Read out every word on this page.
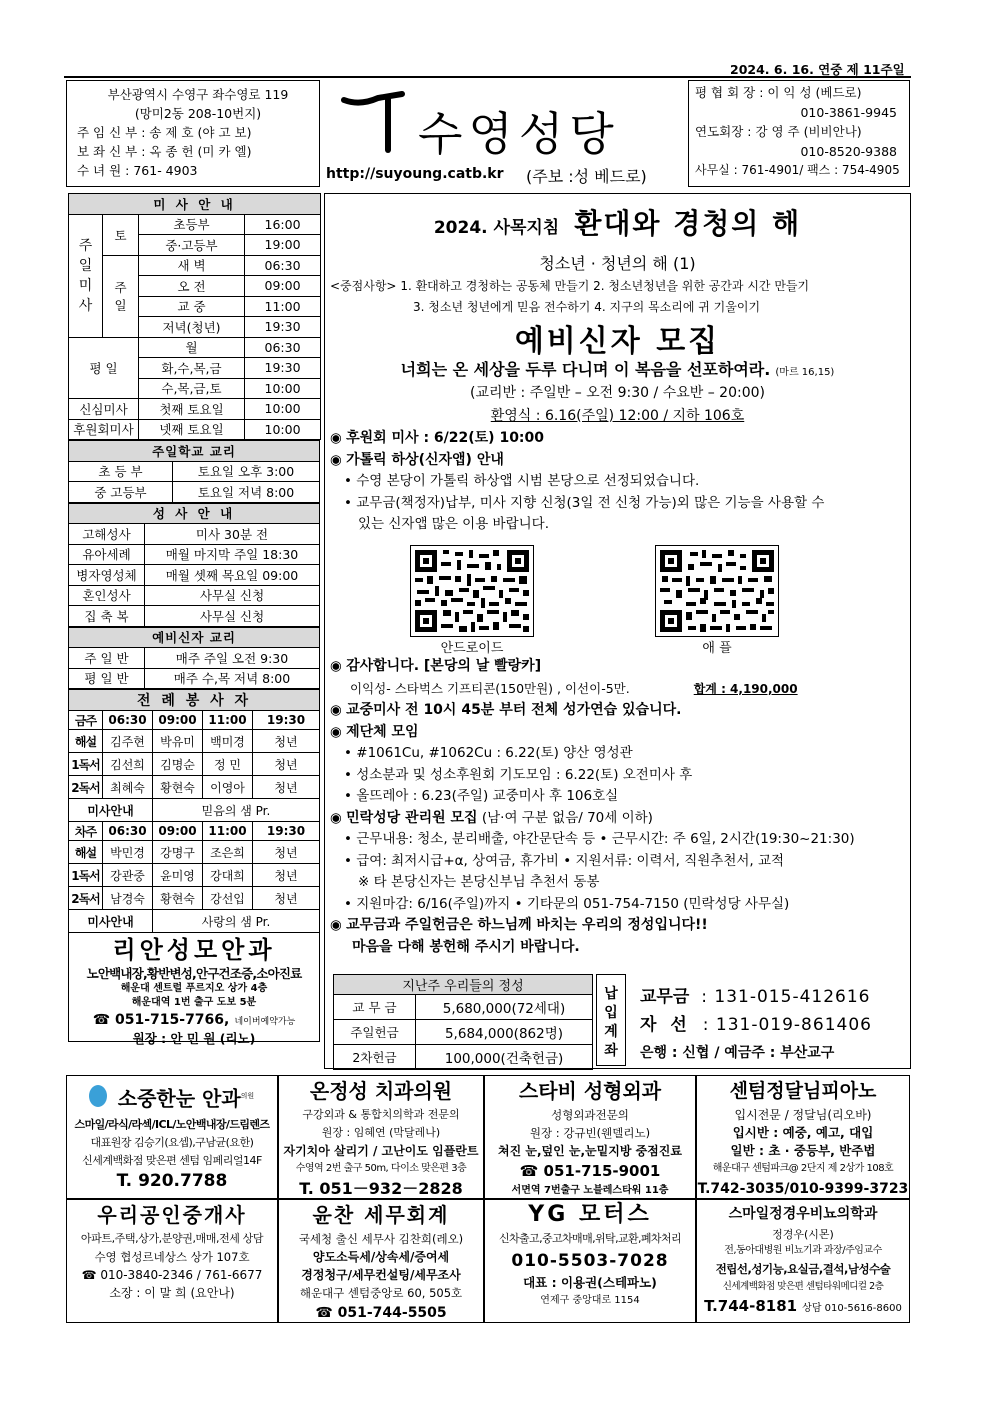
2024. 6. 16. 연중 제 11주일
부산광역시 수영구 좌수영로 119
(망미2동 208-10번지)
주 임 신 부 : 송 제 호 (야 고 보)
보 좌 신 부 : 옥 종 헌 (미 카 엘)
수 녀 원 : 761- 4903
수영성당
http://suyoung.catb.kr (주보 :성 베드로)
평 협 회 장 : 이 익 성 (베드로)
010-3861-9945
연도회장 : 강 영 주 (비비안나)
010-8520-9388
사무실 : 761-4901/ 팩스 : 754-4905
미 사 안 내			
주일미사	토	초등부	16:00
		중·고등부	19:00
	주일	새 벽	06:30
		오 전	09:00
		교 중	11:00
		저녁(청년)	19:30
평 일		월	06:30
		화,수,목,금	19:30
		수,목,금,토	10:00
신심미사		첫째 토요일	10:00
후원회미사		넷째 토요일	10:00
주일학교 교리	
초 등 부	토요일 오후 3:00
중 고등부	토요일 저녁 8:00
성 사 안 내	
고해성사	미사 30분 전
유아세례	매월 마지막 주일 18:30
병자영성체	매월 셋째 목요일 09:00
혼인성사	사무실 신청
집 축 복	사무실 신청
예비신자 교리	
주 일 반	매주 주일 오전 9:30
평 일 반	매주 수,목 저녁 8:00
전 례 봉 사 자				
금주	06:30	09:00	11:00	19:30
해설	김주현	박유미	백미경	청년
1독서	김선희	김명순	정 민	청년
2독서	최혜숙	황현숙	이영아	청년
미사안내		믿음의 샘 Pr.		
차주	06:30	09:00	11:00	19:30
해설	박민경	강명구	조은희	청년
1독서	강관중	윤미영	강대희	청년
2독서	남경숙	황현숙	강선입	청년
미사안내		사랑의 샘 Pr.		
리안성모안과
노안백내장,황반변성,안구건조증,소아진료
해운대 센트럴 푸르지오 상가 4층
해운대역 1번 출구 도보 5분
☎ 051-715-7766, 네이버예약가능
원장 : 안 민 원 (리노)
2024. 사목지침 환대와 경청의 해
청소년 · 청년의 해 (1)
<중점사항> 1. 환대하고 경청하는 공동체 만들기 2. 청소년청년을 위한 공간과 시간 만들기
3. 청소년 청년에게 믿음 전수하기 4. 지구의 목소리에 귀 기울이기
예비신자 모집
너희는 온 세상을 두루 다니며 이 복음을 선포하여라. (마르 16,15)
(교리반 : 주일반 – 오전 9:30 / 수요반 – 20:00)
환영식 : 6.16(주일) 12:00 / 지하 106호
◉ 후원회 미사 : 6/22(토) 10:00
◉ 가톨릭 하상(신자앱) 안내
• 수영 본당이 가톨릭 하상앱 시범 본당으로 선정되었습니다.
• 교무금(책정자)납부, 미사 지향 신청(3일 전 신청 가능)외 많은 기능을 사용할 수
있는 신자앱 많은 이용 바랍니다.
안드로이드	애 플
◉ 감사합니다. [본당의 날 빨랑카]
이익성- 스타벅스 기프티콘(150만원) , 이선이-5만.	합계 : 4,190,000
◉ 교중미사 전 10시 45분 부터 전체 성가연습 있습니다.
◉ 제단체 모임
• #1061Cu, #1062Cu : 6.22(토) 양산 영성관
• 성소분과 및 성소후원회 기도모임 : 6.22(토) 오전미사 후
• 올뜨레아 : 6.23(주일) 교중미사 후 106호실
◉ 민락성당 관리원 모집 (남·여 구분 없음/ 70세 이하)
• 근무내용: 청소, 분리배출, 야간문단속 등 • 근무시간: 주 6일, 2시간(19:30~21:30)
• 급여: 최저시급+α, 상여금, 휴가비 • 지원서류: 이력서, 직원추천서, 교적
※ 타 본당신자는 본당신부님 추천서 동봉
• 지원마감: 6/16(주일)까지 • 기타문의 051-754-7150 (민락성당 사무실)
◉ 교무금과 주일헌금은 하느님께 바치는 우리의 정성입니다!!
마음을 다해 봉헌해 주시기 바랍니다.
지난주 우리들의 정성	
교 무 금	5,680,000(72세대)
주일헌금	5,684,000(862명)
2차헌금	100,000(건축헌금)
납입계좌
교무금 : 131-015-412616
자 선 : 131-019-861406
은행 : 신협 / 예금주 : 부산교구
소중한눈 안과$^{의원}$
스마일/라식/라섹/ICL/노안백내장/드림렌즈
대표원장 김승기(요셉),구남균(요한)
신세계백화점 맞은편 센텀 임페리얼14F
T. 920.7788
온정성 치과의원
구강외과 & 통합치의학과 전문의
원장 : 임혜연 (막달레나)
자기치아 살리기 / 고난이도 임플란트
수영역 2번 출구 50m, 다이소 맞은편 3층
T. 051－932－2828
스타비 성형외과
성형외과전문의
원장 : 강규빈(웬델리노)
쳐진 눈,덮인 눈,눈밑지방 중점진료
☎ 051-715-9001
서면역 7번출구 노블레스타워 11층
센텀정달님피아노
입시전문 / 정달님(리오바)
입시반 : 예중, 예고, 대입
일반 : 초 · 중등부, 반주법
해운대구 센텀파크@ 2단지 제 2상가 108호
T.742-3035/010-9399-3723
우리공인중개사
아파트,주택,상가,분양권,매매,전세 상담
수영 협성르네상스 상가 107호
☎ 010-3840-2346 / 761-6677
소장 : 이 말 희 (요안나)
윤찬 세무회계
국세청 출신 세무사 김찬희(레오)
양도소득세/상속세/증여세
경정청구/세무컨설팅/세무조사
해운대구 센텀중앙로 60, 505호
☎ 051-744-5505
YG 모터스
신차출고,중고차매매,위탁,교환,폐차처리
010-5503-7028
대표 : 이용권(스테파노)
연제구 중앙대로 1154
스마일정경우비뇨의학과
정경우(시몬)
전,동아대병원 비뇨기과 과장/주임교수
전립선,성기능,요실금,결석,남성수술
신세계백화점 맞은편 센텀타워메디컬 2층
T.744-8181 상담 010-5616-8600
